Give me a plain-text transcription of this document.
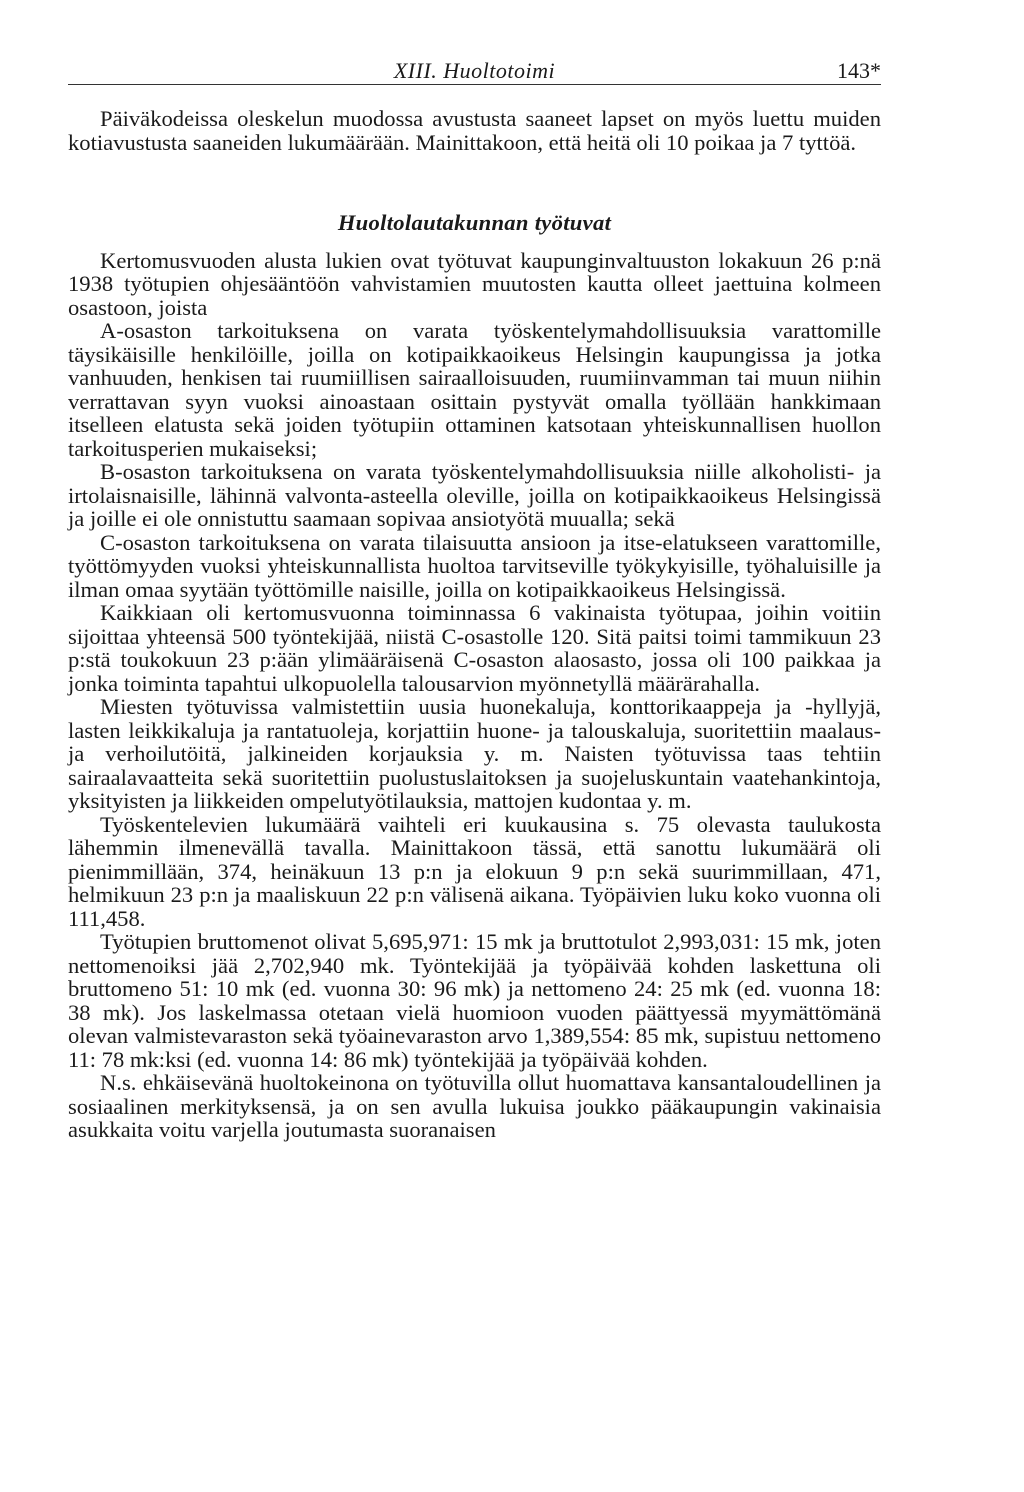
XIII. Huoltotoimi	143*

Päiväkodeissa oleskelun muodossa avustusta saaneet lapset on myös luettu muiden kotiavustusta saaneiden lukumäärään. Mainittakoon, että heitä oli 10 poikaa ja 7 tyttöä.

Huoltolautakunnan työtuvat

Kertomusvuoden alusta lukien ovat työtuvat kaupunginvaltuuston lokakuun 26 p:nä 1938 työtupien ohjesääntöön vahvistamien muutosten kautta olleet jaettuina kolmeen osastoon, joista

A-osaston tarkoituksena on varata työskentelymahdollisuuksia varattomille täysikäisille henkilöille, joilla on kotipaikkaoikeus Helsingin kaupungissa ja jotka vanhuuden, henkisen tai ruumiillisen sairaalloisuuden, ruumiinvamman tai muun niihin verrattavan syyn vuoksi ainoastaan osittain pystyvät omalla työllään hankkimaan itselleen elatusta sekä joiden työtupiin ottaminen katsotaan yhteiskunnallisen huollon tarkoitusperien mukaiseksi;

B-osaston tarkoituksena on varata työskentelymahdollisuuksia niille alkoholisti- ja irtolaisnaisille, lähinnä valvonta-asteella oleville, joilla on kotipaikkaoikeus Helsingissä ja joille ei ole onnistuttu saamaan sopivaa ansiotyötä muualla; sekä

C-osaston tarkoituksena on varata tilaisuutta ansioon ja itse-elatukseen varattomille, työttömyyden vuoksi yhteiskunnallista huoltoa tarvitseville työkykyisille, työhaluisille ja ilman omaa syytään työttömille naisille, joilla on kotipaikkaoikeus Helsingissä.

Kaikkiaan oli kertomusvuonna toiminnassa 6 vakinaista työtupaa, joihin voitiin sijoittaa yhteensä 500 työntekijää, niistä C-osastolle 120. Sitä paitsi toimi tammikuun 23 p:stä toukokuun 23 p:ään ylimääräisenä C-osaston alaosasto, jossa oli 100 paikkaa ja jonka toiminta tapahtui ulkopuolella talousarvion myönnetyllä määrärahalla.

Miesten työtuvissa valmistettiin uusia huonekaluja, konttorikaappeja ja -hyllyjä, lasten leikkikaluja ja rantatuoleja, korjattiin huone- ja talouskaluja, suoritettiin maalaus- ja verhoilutöitä, jalkineiden korjauksia y. m. Naisten työtuvissa taas tehtiin sairaalavaatteita sekä suoritettiin puolustuslaitoksen ja suojeluskuntain vaatehankintoja, yksityisten ja liikkeiden ompelutyötilauksia, mattojen kudontaa y. m.

Työskentelevien lukumäärä vaihteli eri kuukausina s. 75 olevasta taulukosta lähemmin ilmenevällä tavalla. Mainittakoon tässä, että sanottu lukumäärä oli pienimmillään, 374, heinäkuun 13 p:n ja elokuun 9 p:n sekä suurimmillaan, 471, helmikuun 23 p:n ja maaliskuun 22 p:n välisenä aikana. Työpäivien luku koko vuonna oli 111,458.

Työtupien bruttomenot olivat 5,695,971: 15 mk ja bruttotulot 2,993,031: 15 mk, joten nettomenoiksi jää 2,702,940 mk. Työntekijää ja työpäivää kohden laskettuna oli bruttomeno 51: 10 mk (ed. vuonna 30: 96 mk) ja nettomeno 24: 25 mk (ed. vuonna 18: 38 mk). Jos laskelmassa otetaan vielä huomioon vuoden päättyessä myymättömänä olevan valmistevaraston sekä työainevaraston arvo 1,389,554: 85 mk, supistuu nettomeno 11: 78 mk:ksi (ed. vuonna 14: 86 mk) työntekijää ja työpäivää kohden.

N.s. ehkäisevänä huoltokeinona on työtuvilla ollut huomattava kansantaloudellinen ja sosiaalinen merkityksensä, ja on sen avulla lukuisa joukko pääkaupungin vakinaisia asukkaita voitu varjella joutumasta suoranaisen
